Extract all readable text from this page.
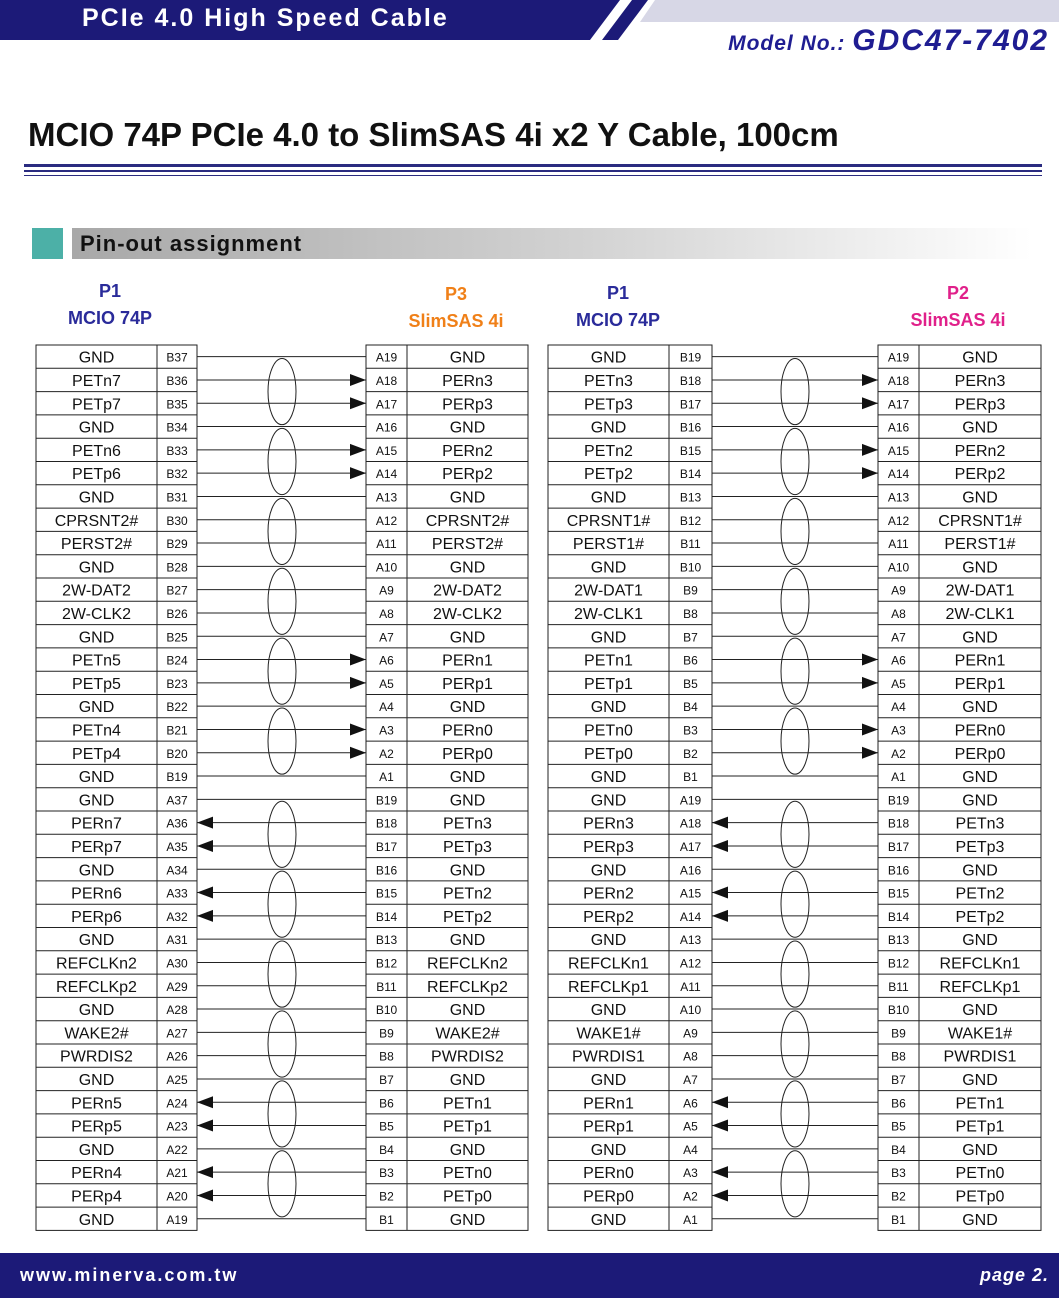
PCIe 4.0 High Speed Cable
Model No.: GDC47-7402
MCIO 74P PCIe 4.0 to SlimSAS 4i x2 Y Cable, 100cm
Pin-out assignment
P1
MCIO 74P
P3
SlimSAS 4i
P1
MCIO 74P
P2
SlimSAS 4i
GND	B37	A19	GND
PETn7	B36	A18	PERn3
PETp7	B35	A17	PERp3
GND	B34	A16	GND
PETn6	B33	A15	PERn2
PETp6	B32	A14	PERp2
GND	B31	A13	GND
CPRSNT2# B30	A12 CPRSNT2#
PERST2#	B29	A11 PERST2#
GND	B28	A10	GND
2W-DAT2	B27	A9 2W-DAT2
2W-CLK2	B26	A8 2W-CLK2
GND	B25	A7	GND
PETn5	B24	A6	PERn1
PETp5	B23	A5	PERp1
GND	B22	A4	GND
PETn4	B21	A3	PERn0
PETp4	B20	A2	PERp0
GND	B19	A1	GND
GND	A37	B19	GND
PERn7	A36	B18	PETn3
PERp7	A35	B17	PETp3
GND	A34	B16	GND
PERn6	A33	B15	PETn2
PERp6	A32	B14	PETp2
GND	A31	B13	GND
REFCLKn2 A30	B12 REFCLKn2
REFCLKp2 A29	B11 REFCLKp2
GND	A28	B10	GND
WAKE2#	A27	B9	WAKE2#
PWRDIS2	A26	B8 PWRDIS2
GND	A25	B7	GND
PERn5	A24	B6	PETn1
PERp5	A23	B5	PETp1
GND	A22	B4	GND
PERn4	A21	B3	PETn0
PERp4	A20	B2	PETp0
GND	A19	B1	GND
GND	B19	A19	GND
PETn3	B18	A18	PERn3
PETp3	B17	A17	PERp3
GND	B16	A16	GND
PETn2	B15	A15	PERn2
PETp2	B14	A14	PERp2
GND	B13	A13	GND
CPRSNT1# B12	A12 CPRSNT1#
PERST1#	B11	A11 PERST1#
GND	B10	A10	GND
2W-DAT1	B9	A9 2W-DAT1
2W-CLK1	B8	A8 2W-CLK1
GND	B7	A7	GND
PETn1	B6	A6	PERn1
PETp1	B5	A5	PERp1
GND	B4	A4	GND
PETn0	B3	A3	PERn0
PETp0	B2	A2	PERp0
GND	B1	A1	GND
GND	A19	B19	GND
PERn3	A18	B18	PETn3
PERp3	A17	B17	PETp3
GND	A16	B16	GND
PERn2	A15	B15	PETn2
PERp2	A14	B14	PETp2
GND	A13	B13	GND
REFCLKn1	A12	B12 REFCLKn1
REFCLKp1	A11	B11 REFCLKp1
GND	A10	B10	GND
WAKE1#	A9	B9	WAKE1#
PWRDIS1	A8	B8 PWRDIS1
GND	A7	B7	GND
PERn1	A6	B6	PETn1
PERp1	A5	B5	PETp1
GND	A4	B4	GND
PERn0	A3	B3	PETn0
PERp0	A2	B2	PETp0
GND	A1	B1	GND
www.minerva.com.tw	page 2.
